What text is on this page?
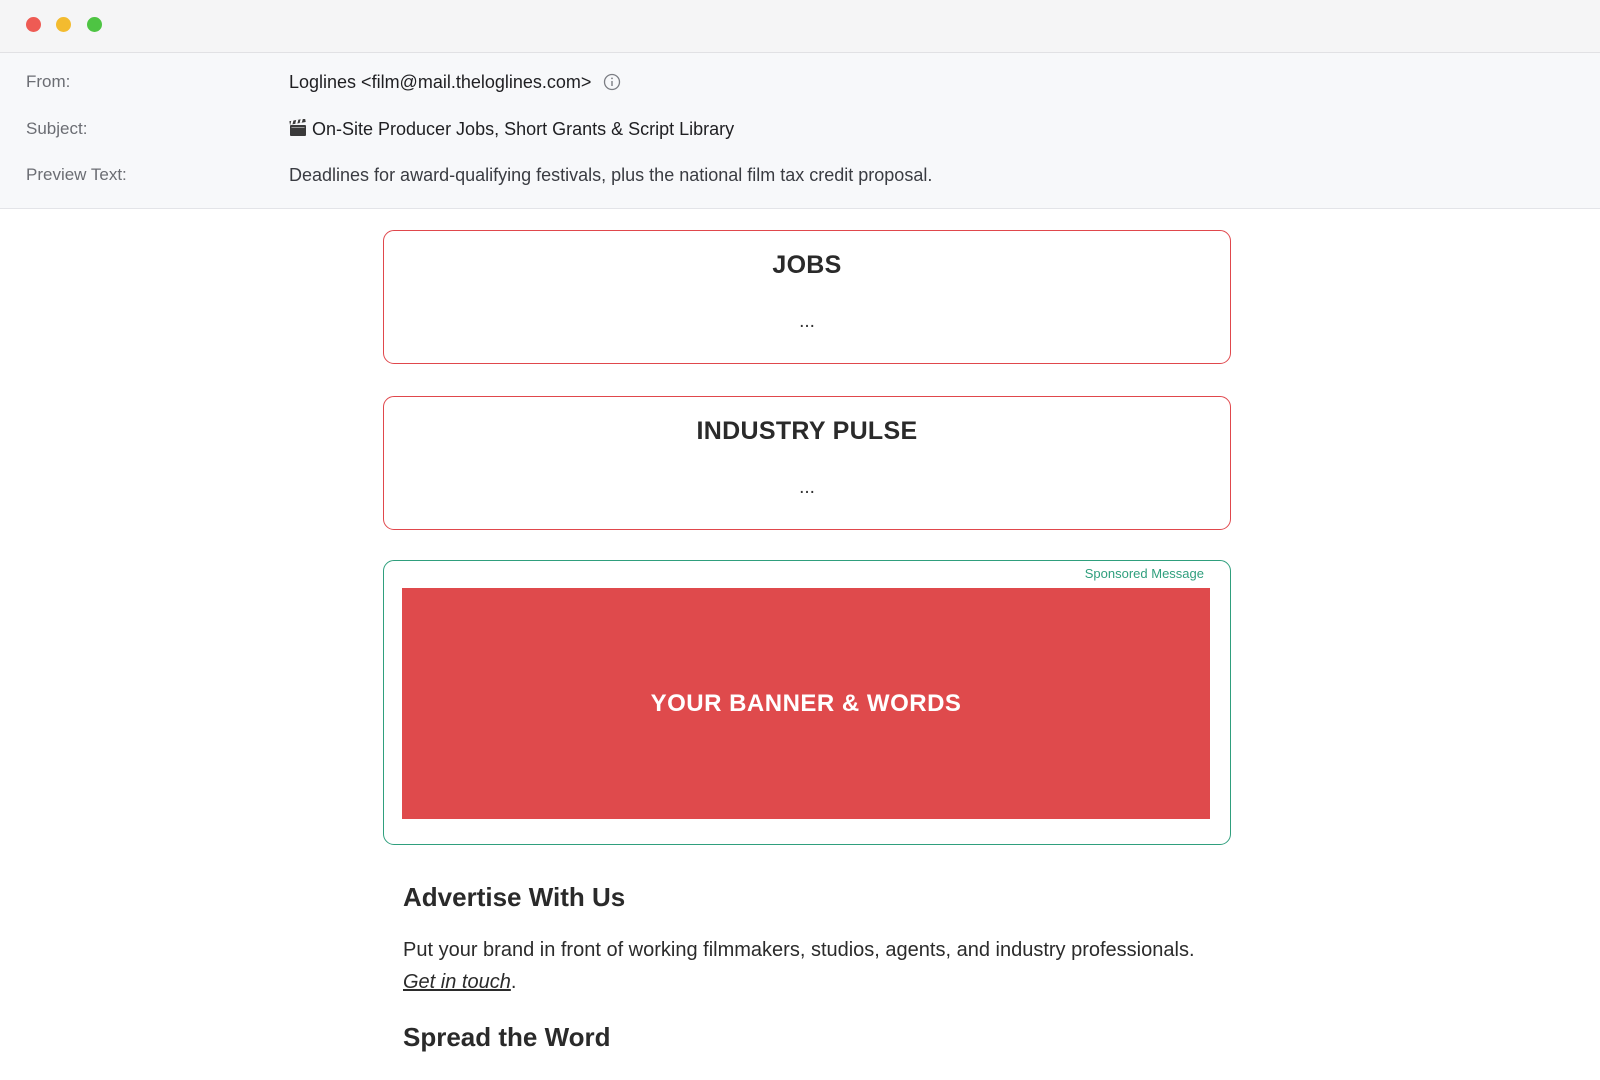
From:	Loglines <film@mail.theloglines.com>
Subject:	On-Site Producer Jobs, Short Grants & Script Library
Preview Text:	Deadlines for award-qualifying festivals, plus the national film tax credit proposal.
JOBS
...
INDUSTRY PULSE
...
Sponsored Message
YOUR BANNER & WORDS
Advertise With Us

Put your brand in front of working filmmakers, studios, agents, and industry professionals. Get in touch.

Spread the Word
